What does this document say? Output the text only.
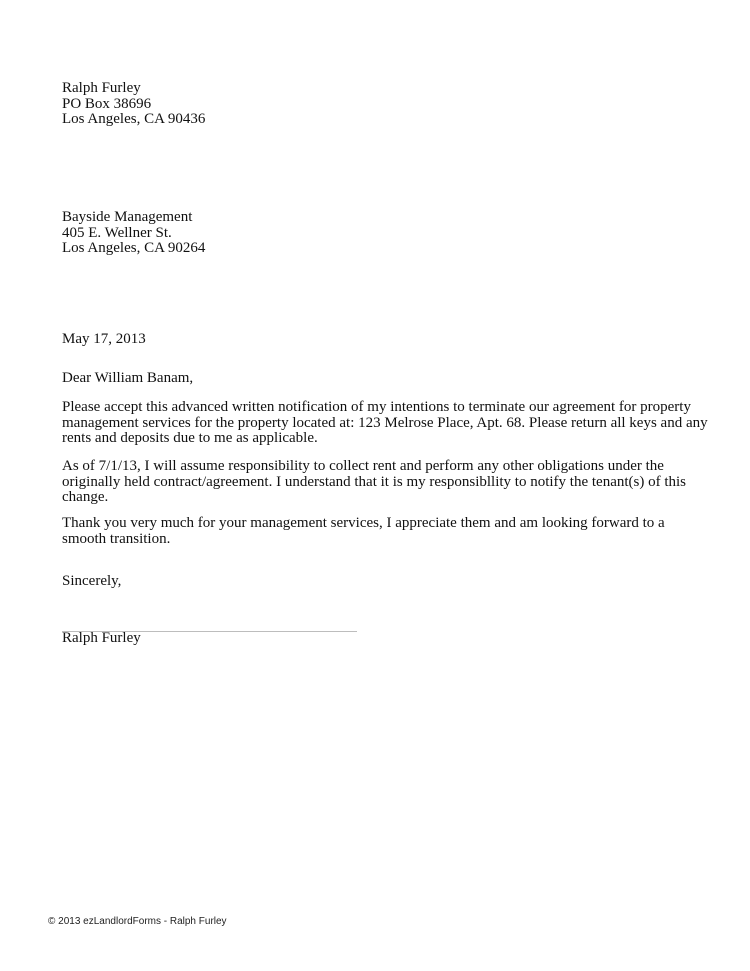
Ralph Furley
PO Box 38696
Los Angeles, CA 90436
Bayside Management
405 E. Wellner St.
Los Angeles, CA 90264
May 17, 2013
Dear William Banam,
Please accept this advanced written notification of my intentions to terminate our agreement for property
management services for the property located at: 123 Melrose Place, Apt. 68. Please return all keys and any
rents and deposits due to me as applicable.
As of 7/1/13, I will assume responsibility to collect rent and perform any other obligations under the
originally held contract/agreement. I understand that it is my responsibllity to notify the tenant(s) of this
change.
Thank you very much for your management services, I appreciate them and am looking forward to a
smooth transition.
Sincerely,
Ralph Furley
© 2013 ezLandlordForms - Ralph Furley
